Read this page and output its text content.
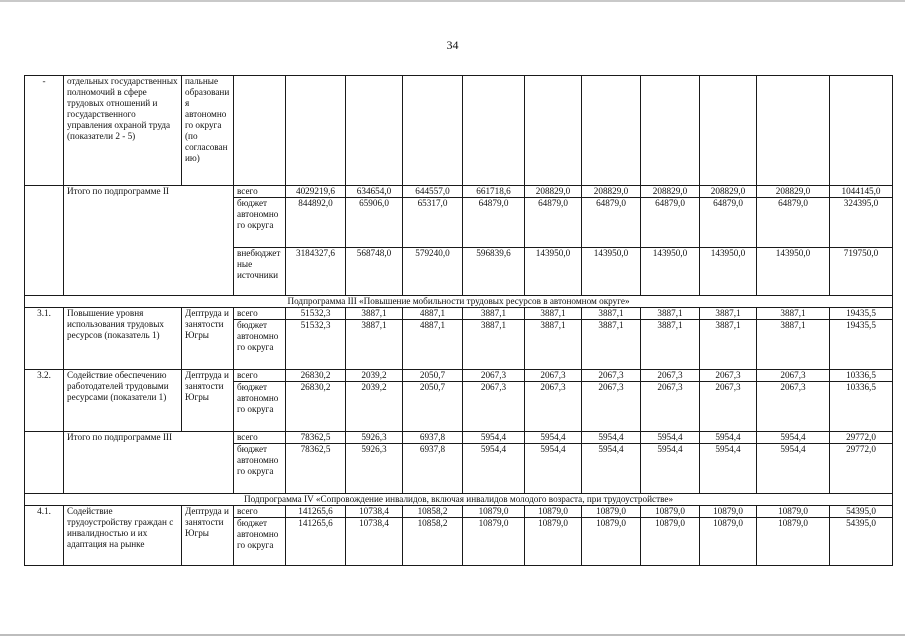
34
-	отдельных государственных полномочий в сфере трудовых отношений и государственного управления охраной труда (показатели 2 - 5)	пальные образования автономного округа (по согласованию)											
	Итого по подпрограмме II		всего	4029219,6	634654,0	644557,0	661718,6	208829,0	208829,0	208829,0	208829,0	208829,0	1044145,0
			бюджет автономного округа	844892,0	65906,0	65317,0	64879,0	64879,0	64879,0	64879,0	64879,0	64879,0	324395,0
			внебюджетные источники	3184327,6	568748,0	579240,0	596839,6	143950,0	143950,0	143950,0	143950,0	143950,0	719750,0
Подпрограмма III «Повышение мобильности трудовых ресурсов в автономном округе»													
3.1.	Повышение уровня использования трудовых ресурсов (показатель 1)	Дептруда и занятости Югры	всего	51532,3	3887,1	4887,1	3887,1	3887,1	3887,1	3887,1	3887,1	3887,1	19435,5
			бюджет автономного округа	51532,3	3887,1	4887,1	3887,1	3887,1	3887,1	3887,1	3887,1	3887,1	19435,5
3.2.	Содействие обеспечению работодателей трудовыми ресурсами (показатели 1)	Дептруда и занятости Югры	всего	26830,2	2039,2	2050,7	2067,3	2067,3	2067,3	2067,3	2067,3	2067,3	10336,5
			бюджет автономного округа	26830,2	2039,2	2050,7	2067,3	2067,3	2067,3	2067,3	2067,3	2067,3	10336,5
	Итого по подпрограмме III		всего	78362,5	5926,3	6937,8	5954,4	5954,4	5954,4	5954,4	5954,4	5954,4	29772,0
			бюджет автономного округа	78362,5	5926,3	6937,8	5954,4	5954,4	5954,4	5954,4	5954,4	5954,4	29772,0
Подпрограмма IV «Сопровождение инвалидов, включая инвалидов молодого возраста, при трудоустройстве»													
4.1.	Содействие трудоустройству граждан с инвалидностью и их адаптация на рынке	Дептруда и занятости Югры	всего	141265,6	10738,4	10858,2	10879,0	10879,0	10879,0	10879,0	10879,0	10879,0	54395,0
			бюджет автономного округа	141265,6	10738,4	10858,2	10879,0	10879,0	10879,0	10879,0	10879,0	10879,0	54395,0
